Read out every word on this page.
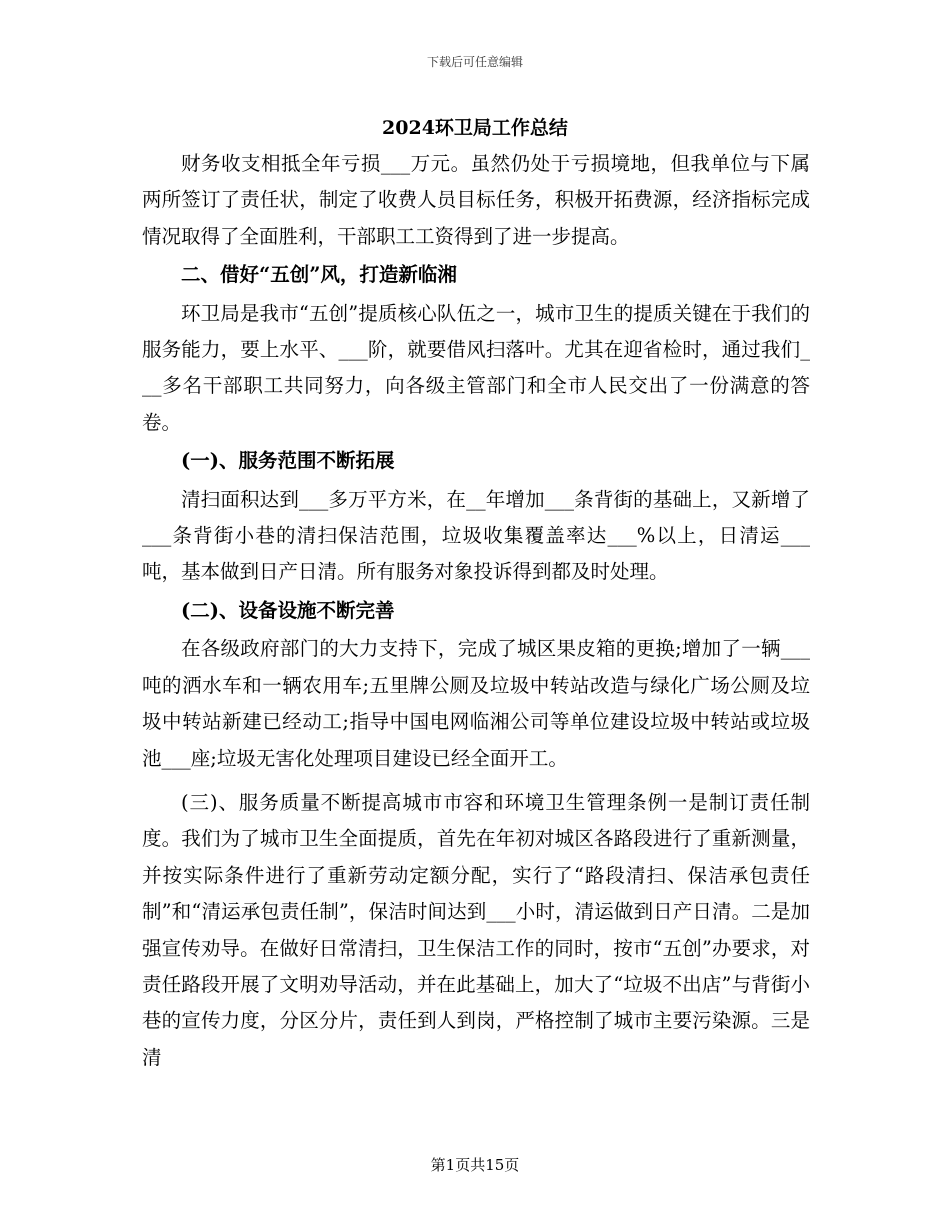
下载后可任意编辑
2024环卫局工作总结

财务收支相抵全年亏损___万元。虽然仍处于亏损境地，但我单位与下属两所签订了责任状，制定了收费人员目标任务，积极开拓费源，经济指标完成情况取得了全面胜利，干部职工工资得到了进一步提高。

二、借好“五创”风，打造新临湘

环卫局是我市“五创”提质核心队伍之一，城市卫生的提质关键在于我们的服务能力，要上水平、___阶，就要借风扫落叶。尤其在迎省检时，通过我们___多名干部职工共同努力，向各级主管部门和全市人民交出了一份满意的答卷。

(一)、服务范围不断拓展

清扫面积达到___多万平方米，在__年增加___条背街的基础上，又新增了___条背街小巷的清扫保洁范围，垃圾收集覆盖率达___%以上，日清运___吨，基本做到日产日清。所有服务对象投诉得到都及时处理。

(二)、设备设施不断完善

在各级政府部门的大力支持下，完成了城区果皮箱的更换;增加了一辆___吨的洒水车和一辆农用车;五里牌公厕及垃圾中转站改造与绿化广场公厕及垃圾中转站新建已经动工;指导中国电网临湘公司等单位建设垃圾中转站或垃圾池___座;垃圾无害化处理项目建设已经全面开工。

(三)、服务质量不断提高城市市容和环境卫生管理条例一是制订责任制度。我们为了城市卫生全面提质，首先在年初对城区各路段进行了重新测量，并按实际条件进行了重新劳动定额分配，实行了“路段清扫、保洁承包责任制”和“清运承包责任制”，保洁时间达到___小时，清运做到日产日清。二是加强宣传劝导。在做好日常清扫，卫生保洁工作的同时，按市“五创”办要求，对责任路段开展了文明劝导活动，并在此基础上，加大了“垃圾不出店”与背街小巷的宣传力度，分区分片，责任到人到岗，严格控制了城市主要污染源。三是清

第1页共15页
